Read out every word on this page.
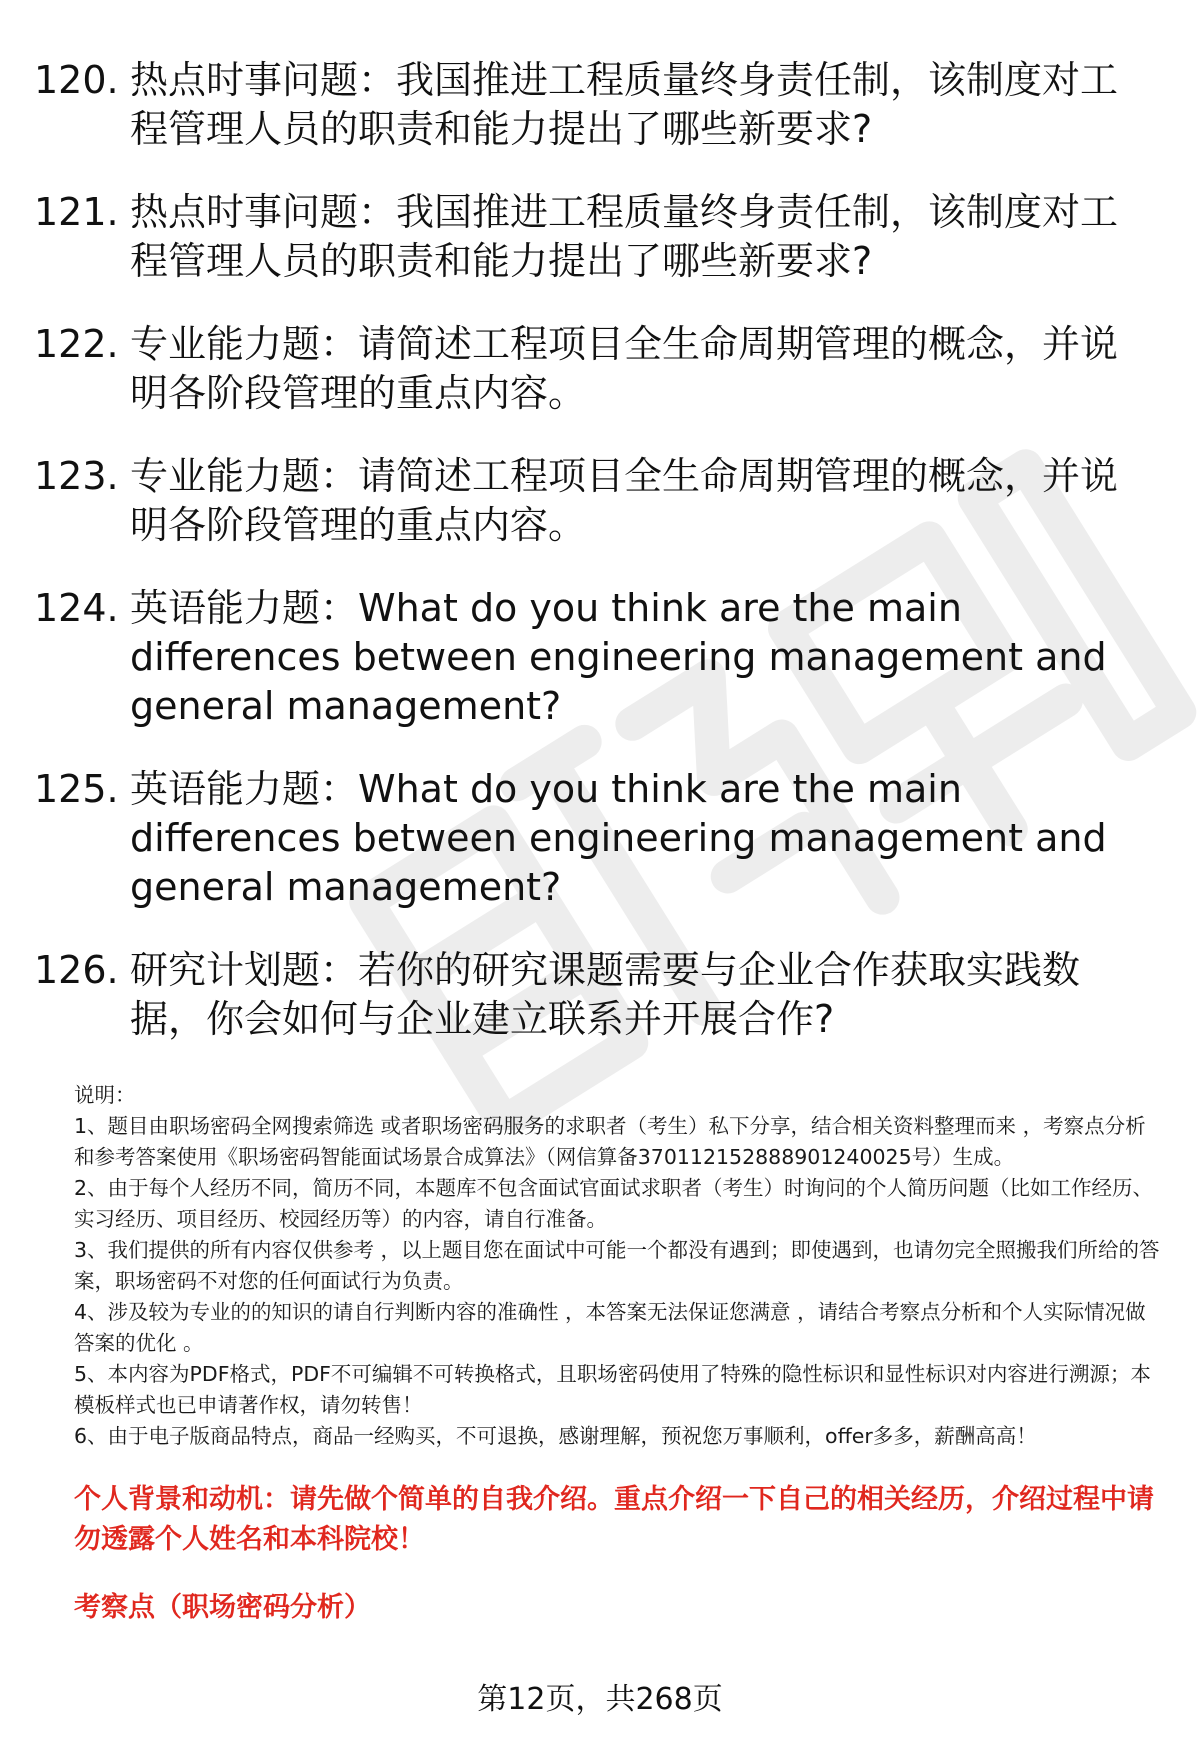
120. 热点时事问题：我国推进工程质量终身责任制，该制度对工程管理人员的职责和能力提出了哪些新要求?
121. 热点时事问题：我国推进工程质量终身责任制，该制度对工程管理人员的职责和能力提出了哪些新要求?
122. 专业能力题：请简述工程项目全生命周期管理的概念，并说明各阶段管理的重点内容。
123. 专业能力题：请简述工程项目全生命周期管理的概念，并说明各阶段管理的重点内容。
124. 英语能力题：What do you think are the main differences between engineering management and general management?
125. 英语能力题：What do you think are the main differences between engineering management and general management?
126. 研究计划题：若你的研究课题需要与企业合作获取实践数据，你会如何与企业建立联系并开展合作?

说明：

1、题目由职场密码全网搜索筛选 或者职场密码服务的求职者（考生）私下分享，结合相关资料整理而来 ，考察点分析和参考答案使用《职场密码智能面试场景合成算法》（网信算备370112152888901240025号）生成。

2、由于每个人经历不同，简历不同，本题库不包含面试官面试求职者（考生）时询问的个人简历问题（比如工作经历、实习经历、项目经历、校园经历等）的内容，请自行准备。

3、我们提供的所有内容仅供参考 ，以上题目您在面试中可能一个都没有遇到；即使遇到，也请勿完全照搬我们所给的答案，职场密码不对您的任何面试行为负责。

4、涉及较为专业的的知识的请自行判断内容的准确性 ，本答案无法保证您满意 ，请结合考察点分析和个人实际情况做答案的优化 。

5、本内容为PDF格式，PDF不可编辑不可转换格式，且职场密码使用了特殊的隐性标识和显性标识对内容进行溯源；本模板样式也已申请著作权，请勿转售！

6、由于电子版商品特点，商品一经购买，不可退换，感谢理解，预祝您万事顺利，offer多多，薪酬高高！

个人背景和动机：请先做个简单的自我介绍。重点介绍一下自己的相关经历，介绍过程中请勿透露个人姓名和本科院校！

考察点（职场密码分析）

第12页，共268页
